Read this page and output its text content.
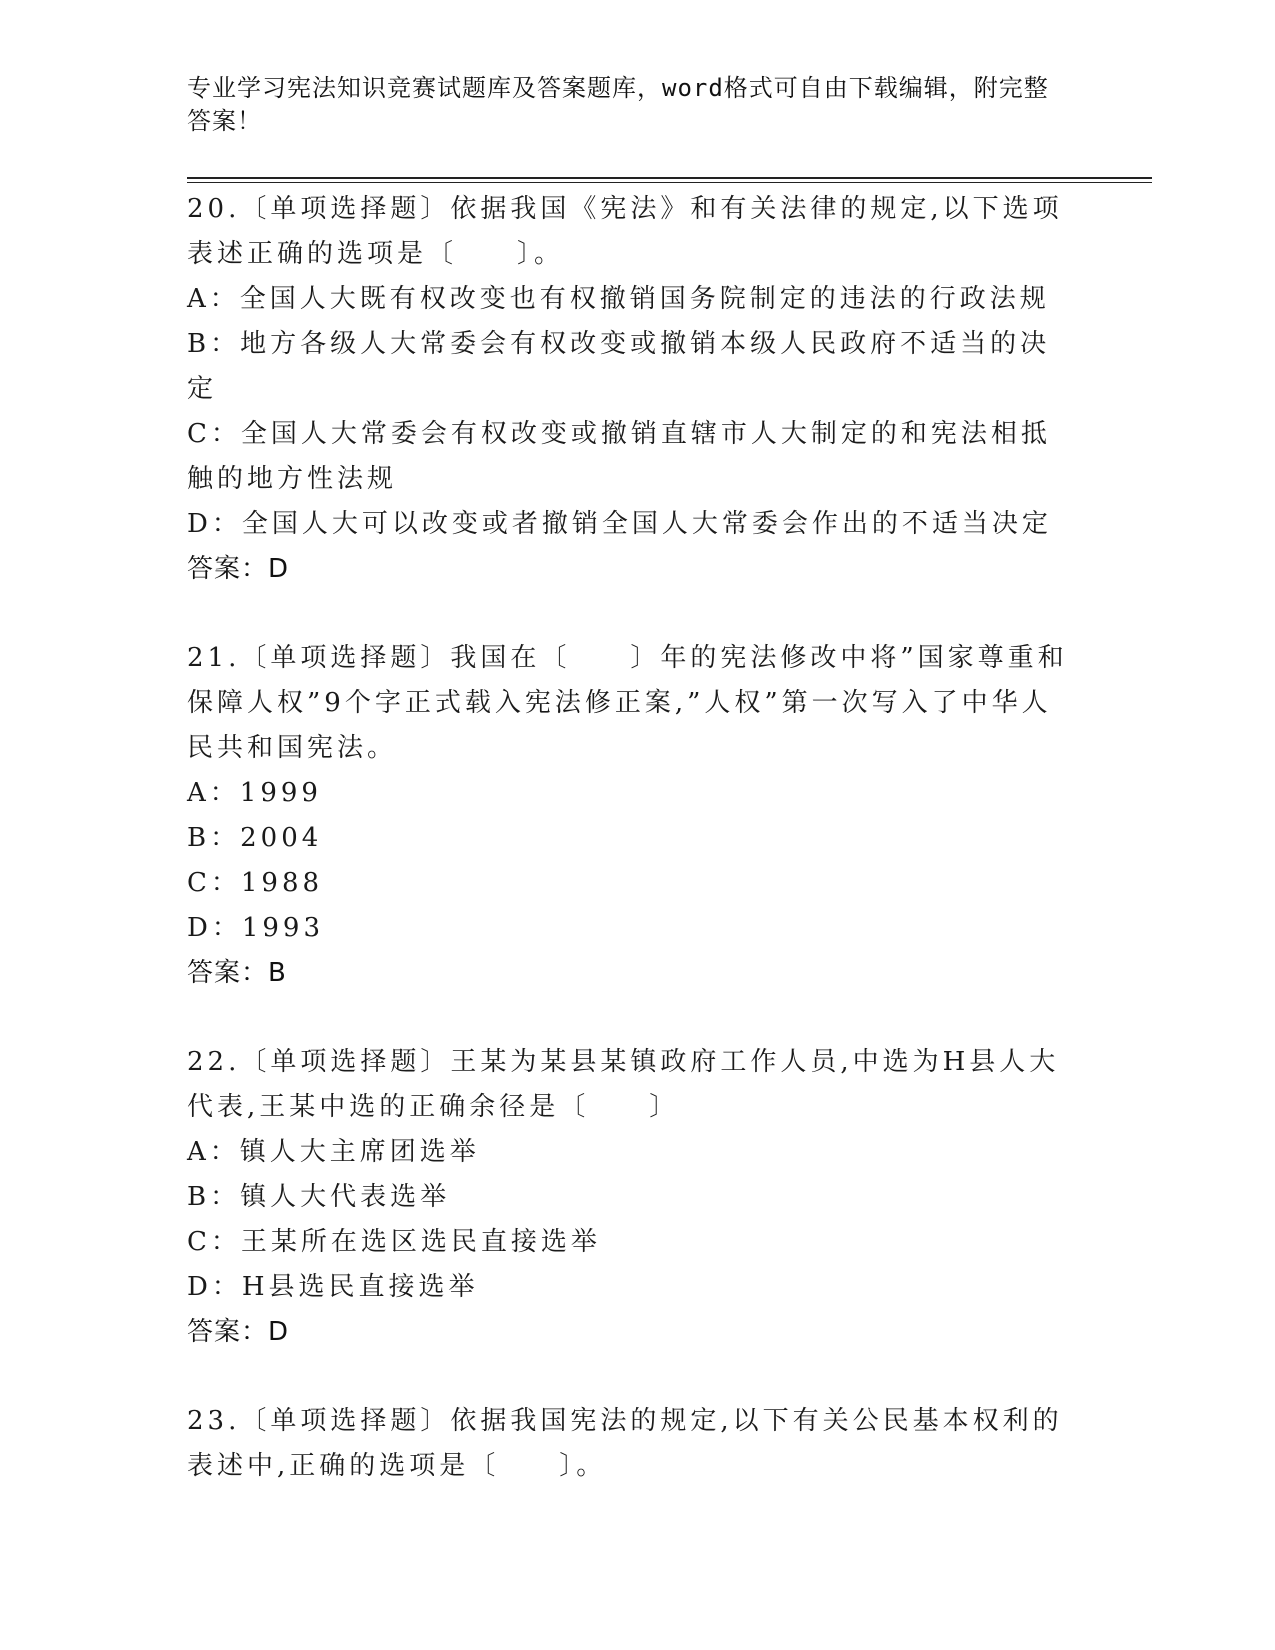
专业学习宪法知识竞赛试题库及答案题库，word格式可自由下载编辑，附完整答案！

20.〔单项选择题〕依据我国《宪法》和有关法律的规定,以下选项表述正确的选项是〔　　〕。

A：全国人大既有权改变也有权撤销国务院制定的违法的行政法规

B：地方各级人大常委会有权改变或撤销本级人民政府不适当的决定

C：全国人大常委会有权改变或撤销直辖市人大制定的和宪法相抵触的地方性法规

D：全国人大可以改变或者撤销全国人大常委会作出的不适当决定

答案：D

21.〔单项选择题〕我国在〔　　〕年的宪法修改中将”国家尊重和保障人权”9个字正式载入宪法修正案,”人权”第一次写入了中华人民共和国宪法。

A：1999

B：2004

C：1988

D：1993

答案：B

22.〔单项选择题〕王某为某县某镇政府工作人员,中选为H县人大代表,王某中选的正确余径是〔　　〕

A：镇人大主席团选举

B：镇人大代表选举

C：王某所在选区选民直接选举

D：H县选民直接选举

答案：D

23.〔单项选择题〕依据我国宪法的规定,以下有关公民基本权利的表述中,正确的选项是〔　　〕。
